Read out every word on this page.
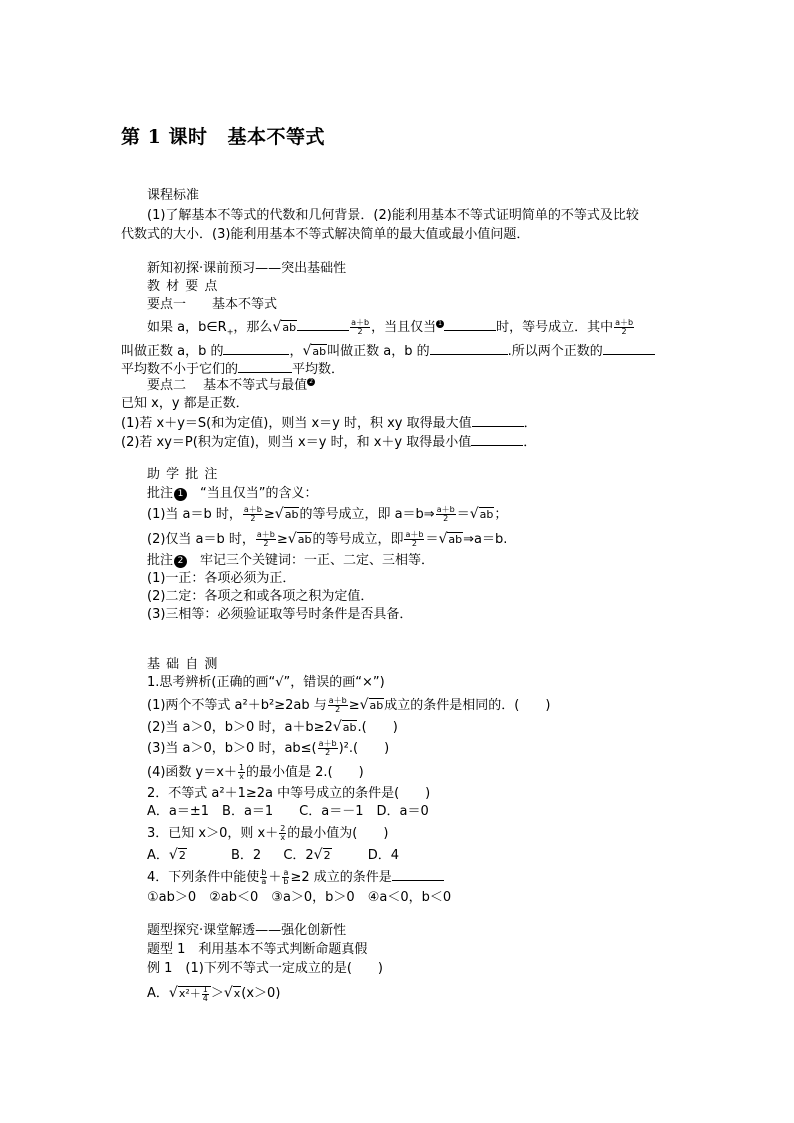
第 1 课时 基本不等式
课程标准
(1)了解基本不等式的代数和几何背景．(2)能利用基本不等式证明简单的不等式及比较
代数式的大小．(3)能利用基本不等式解决简单的最大值或最小值问题．
新知初探·课前预习——突出基础性
教 材 要 点
要点一　　基本不等式
如果 a，$b\in R_+$，那么√ab	$\frac{a+b}{2}$ ，当且仅当 1	时，等号成立．其中 $\frac{a+b}{2}$
叫做正数 a，b 的	，√ab叫做正数 a，b 的	.所以两个正数的
平均数不小于它们的	平均数．
要点二　 基本不等式与最值 2
已知 x，y 都是正数．
(1)若 x＋y＝S(和为定值)，则当 x＝y 时，积 xy 取得最大值	．
(2)若 xy＝P(积为定值)，则当 x＝y 时，和 x＋y 取得最小值	．
助 学 批 注
批注 1　“当且仅当”的含义：
(1)当 a＝b 时， $\frac{a+b}{2} \ge√ab$的等号成立，即 a＝b⇒ $\frac{a+b}{2} =√ab$；
(2)仅当 a＝b 时， $\frac{a+b}{2} \ge√ab$的等号成立，即 $\frac{a+b}{2}$ ＝√ab⇒a＝b.
批注 2　牢记三个关键词：一正、二定、三相等．
(1)一正：各项必须为正．
(2)二定：各项之和或各项之积为定值．
(3)三相等：必须验证取等号时条件是否具备．
基 础 自 测
1.思考辨析(正确的画“√”，错误的画“×”)
(1)两个不等式 a²＋b²≥2ab 与 $\frac{a+b}{2} \ge√ab$成立的条件是相同的．(　　)
(2)当 a＞0，b＞0 时，a＋b≥2√ab.(　　)
(3)当 a＞0，b＞0 时，$ab\le( \frac{a+b}{2} )^2$.(　　)
(4)函数 $y=x+ \frac{1}{x}$ 的最小值是 2.(　　)
2．不等式 a²＋1≥2a 中等号成立的条件是(　　)
A．a＝±1　B．a＝1　　C．a＝－1　D．a＝0
3．已知 x＞0，则 $x+ \frac{2}{x}$ 的最小值为(　　)
A．√2	B．2 C．2√2	D．4
4．下列条件中能使 $\frac{b}{a} + \frac{a}{b} \ge 2$ 成立的条件是
①ab＞0　②ab＜0　③a＞0，b＞0　④a＜0，b＜0
题型探究·课堂解透——强化创新性
题型 1　利用基本不等式判断命题真假
例 1　(1)下列不等式一定成立的是(　　)
A．$√x^2+ \frac{1}{4} >√x(x>0)$
